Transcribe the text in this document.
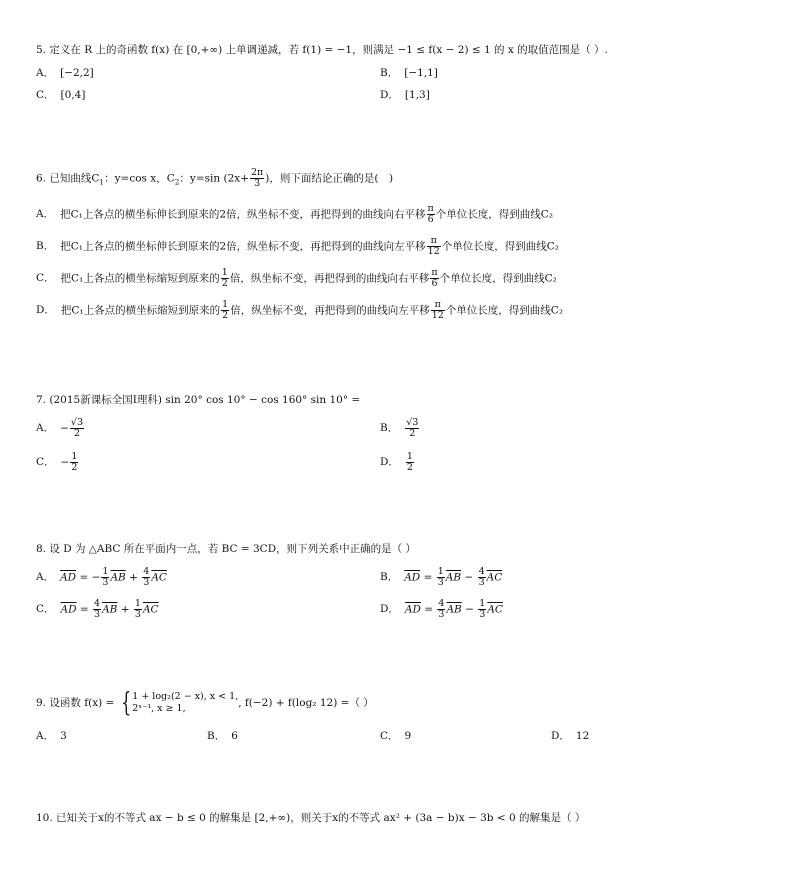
5. 定义在 R 上的奇函数 f(x) 在 [0,+∞) 上单调递减，若 f(1) = −1，则满足 −1 ≤ f(x − 2) ≤ 1 的 x 的取值范围是（ ）.
A． [−2,2]	B． [−1,1]
C． [0,4]	D． [1,3]
6. 已知曲线$C_1$：y=cos x，$C_2$：y=sin ($2x+ \frac{2\pi}{3}$ )，则下面结论正确的是(　)
A． 把C₁上各点的横坐标伸长到原来的2倍，纵坐标不变，再把得到的曲线向右平移 $\frac{\pi}{6}$ 个单位长度，得到曲线C₂
B． 把C₁上各点的横坐标伸长到原来的2倍，纵坐标不变，再把得到的曲线向左平移 $\frac{\pi}{12}$ 个单位长度，得到曲线C₂
C． 把C₁上各点的横坐标缩短到原来的 $\frac{1}{2}$ 倍，纵坐标不变，再把得到的曲线向右平移 $\frac{\pi}{6}$ 个单位长度，得到曲线C₂
D． 把C₁上各点的横坐标缩短到原来的 $\frac{1}{2}$ 倍，纵坐标不变，再把得到的曲线向左平移 $\frac{\pi}{12}$ 个单位长度，得到曲线C₂
7. (2015新课标全国Ⅰ理科) sin 20° cos 10° − cos 160° sin 10° =
A． − $\frac{√3}{2}$	B． $\frac{√3}{2}$
C． − $\frac{1}{2}$	D． $\frac{1}{2}$
8. 设 D 为 △ABC 所在平面内一点，若 BC = 3CD，则下列关系中正确的是（ ）
A． $\overline{AD}$ = − $\frac{1}{3} \overline{AB} + \frac{4}{3} \overline{AC}$	B． $\overline{AD} = \frac{1}{3} \overline{AB} - \frac{4}{3} \overline{AC}$
C． $\overline{AD} = \frac{4}{3} \overline{AB} + \frac{1}{3} \overline{AC}$	D． $\overline{AD} = \frac{4}{3} \overline{AB} - \frac{1}{3} \overline{AC}$
9. 设函数 f(x) = { 1 + log₂(2 − x), x < 1,
2ˣ⁻¹, x ≥ 1,	, f(−2) + f(log₂ 12) =（ ）
A． 3	B． 6	C． 9	D． 12
10. 已知关于x的不等式 ax − b ≤ 0 的解集是 [2,+∞)，则关于x的不等式 ax² + (3a − b)x − 3b < 0 的解集是（ ）
